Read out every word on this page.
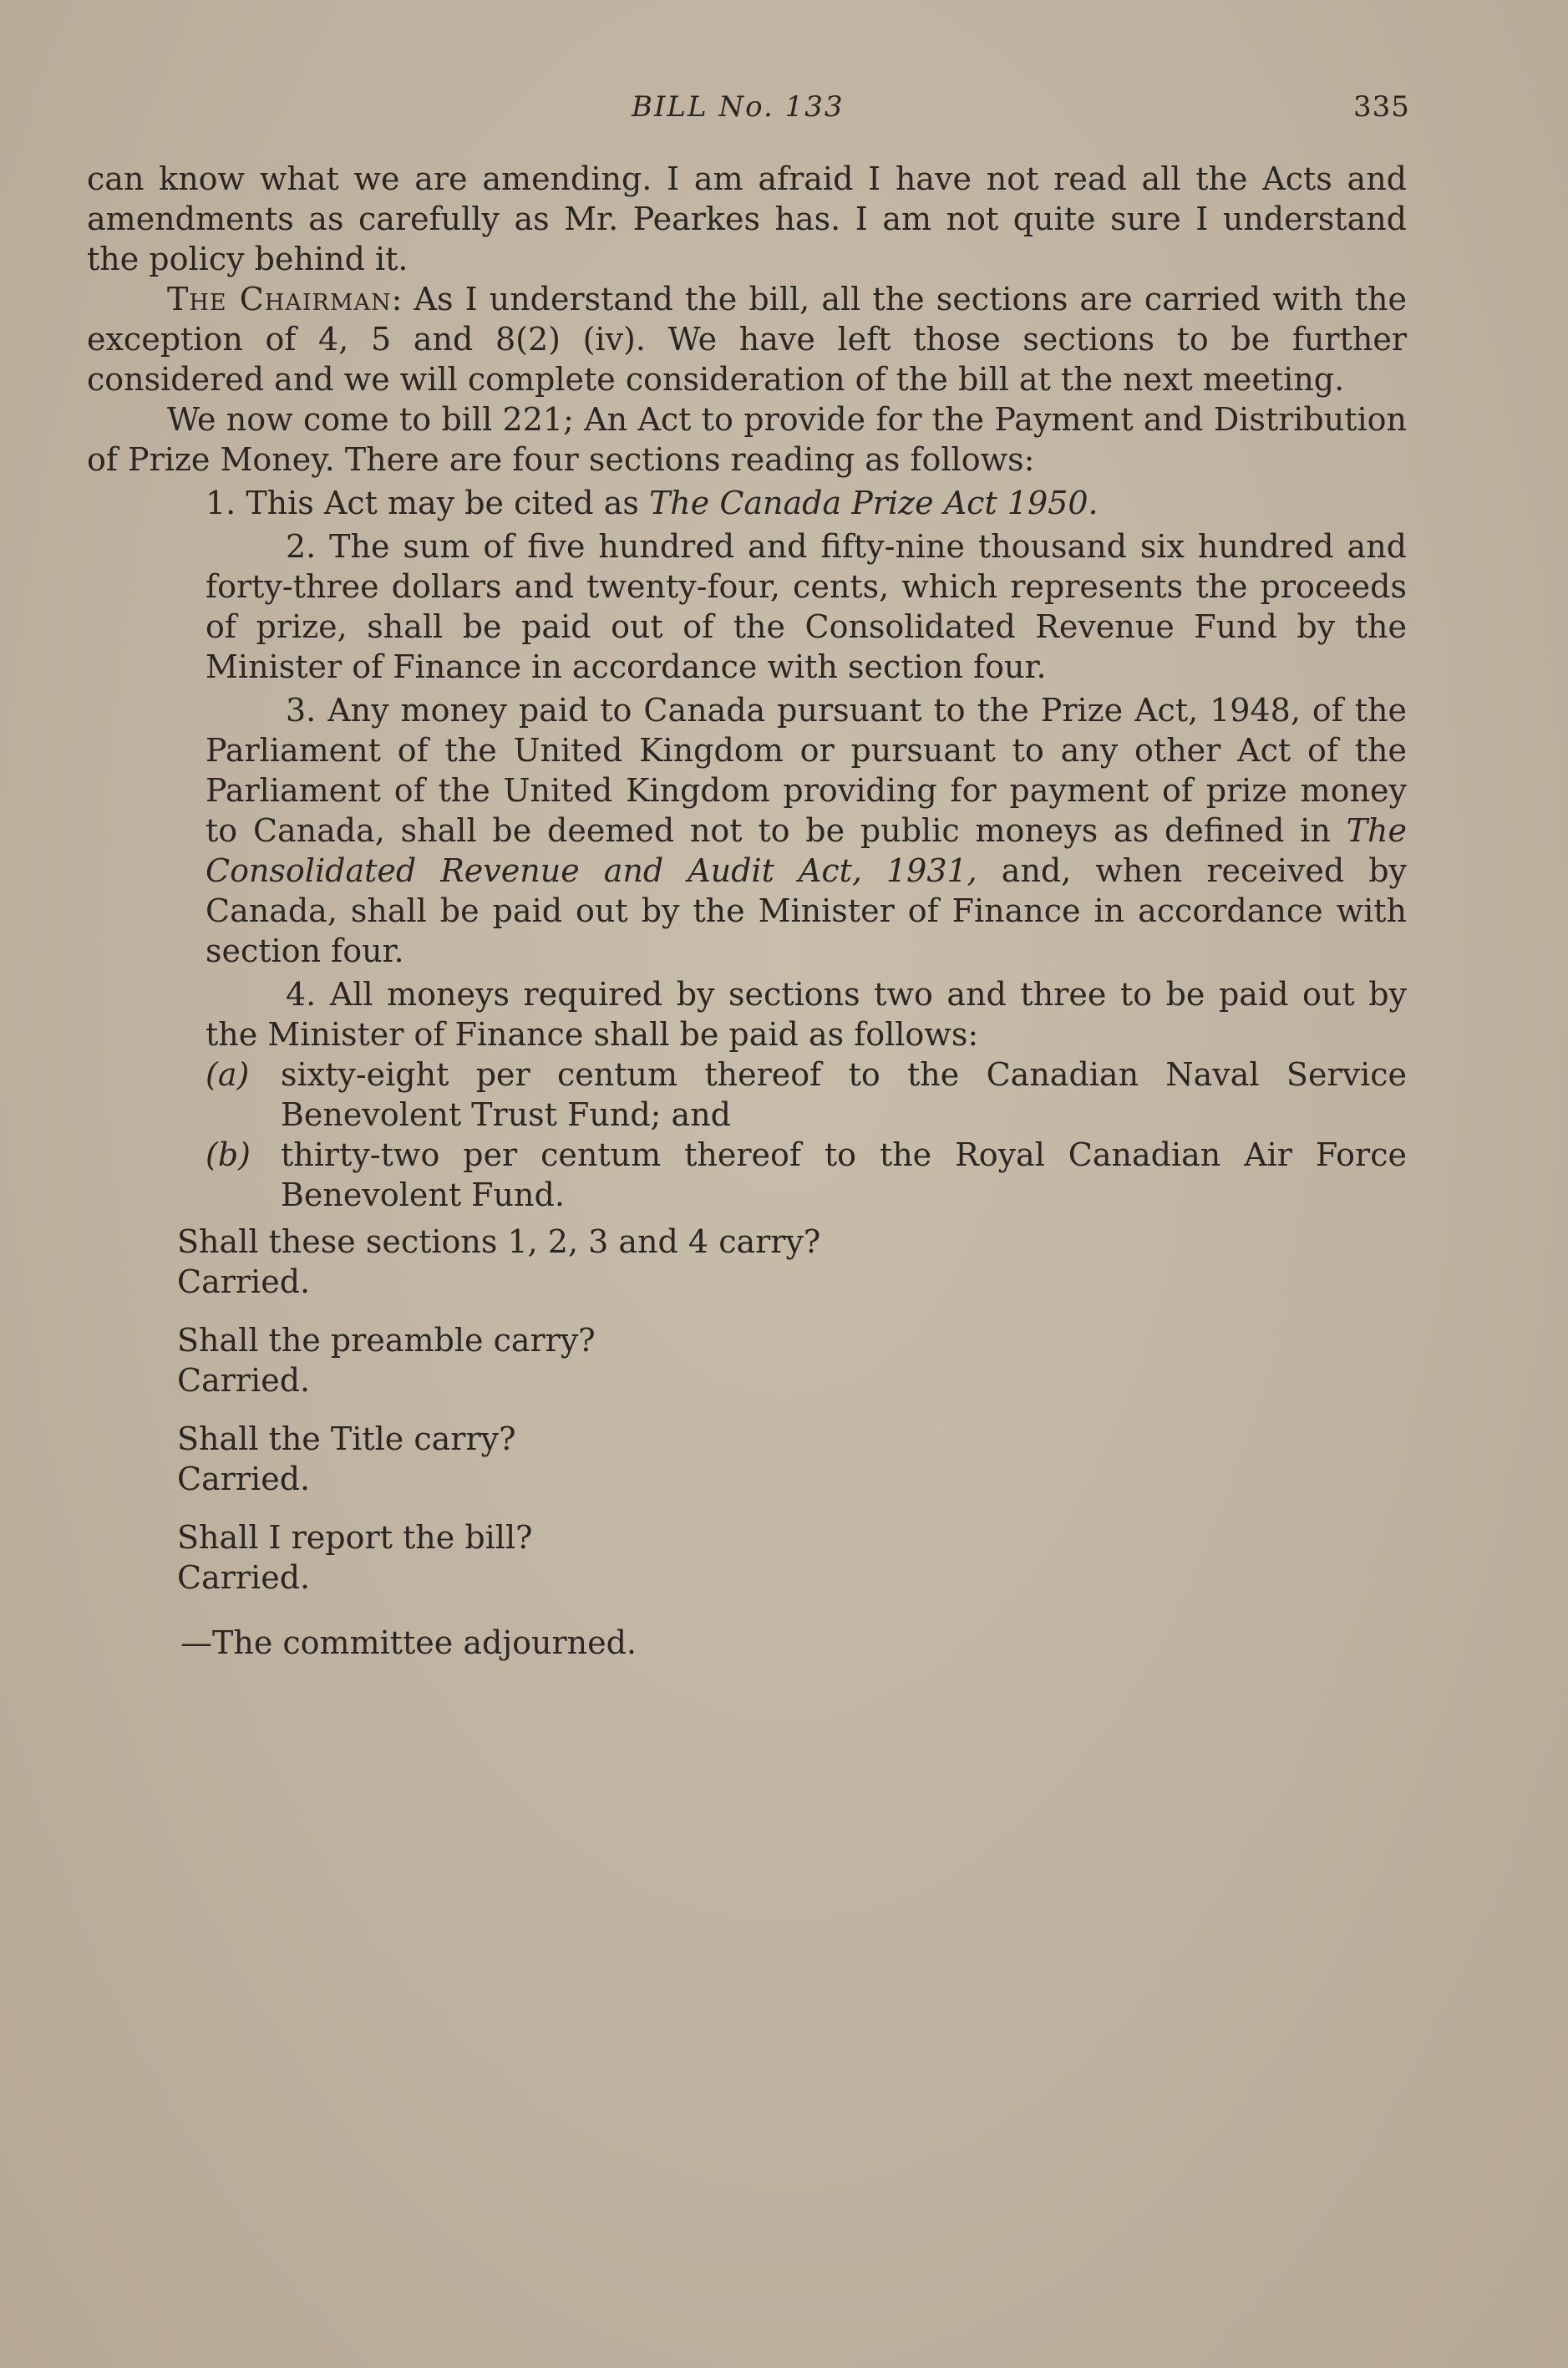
BILL No. 133	335

can know what we are amending. I am afraid I have not read all the Acts and amendments as carefully as Mr. Pearkes has. I am not quite sure I understand the policy behind it.

The Chairman: As I understand the bill, all the sections are carried with the exception of 4, 5 and 8(2) (iv). We have left those sections to be further considered and we will complete consideration of the bill at the next meeting.

We now come to bill 221; An Act to provide for the Payment and Distribution of Prize Money. There are four sections reading as follows:

1. This Act may be cited as The Canada Prize Act 1950.

2. The sum of five hundred and fifty-nine thousand six hundred and forty-three dollars and twenty-four, cents, which represents the proceeds of prize, shall be paid out of the Consolidated Revenue Fund by the Minister of Finance in accordance with section four.

3. Any money paid to Canada pursuant to the Prize Act, 1948, of the Parliament of the United Kingdom or pursuant to any other Act of the Parliament of the United Kingdom providing for payment of prize money to Canada, shall be deemed not to be public moneys as defined in The Consolidated Revenue and Audit Act, 1931, and, when received by Canada, shall be paid out by the Minister of Finance in accordance with section four.

4. All moneys required by sections two and three to be paid out by the Minister of Finance shall be paid as follows:

(a) sixty-eight per centum thereof to the Canadian Naval Service Benevolent Trust Fund; and
(b) thirty-two per centum thereof to the Royal Canadian Air Force Benevolent Fund.

Shall these sections 1, 2, 3 and 4 carry?

Carried.

Shall the preamble carry?

Carried.

Shall the Title carry?

Carried.

Shall I report the bill?

Carried.

—The committee adjourned.
